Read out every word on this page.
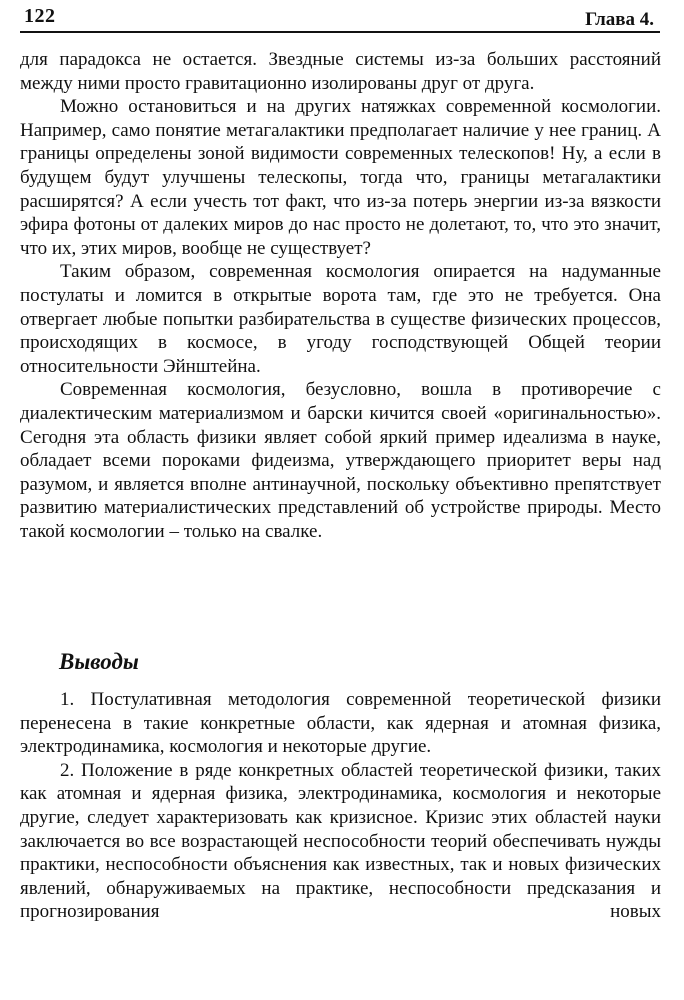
122	Глава 4.

для парадокса не остается. Звездные системы из-за больших расстояний между ними просто гравитационно изолированы друг от друга.

Можно остановиться и на других натяжках современной космологии. Например, само понятие метагалактики предполагает наличие у нее границ. А границы определены зоной видимости современных телескопов! Ну, а если в будущем будут улучшены телескопы, тогда что, границы метагалактики расширятся? А если учесть тот факт, что из-за потерь энергии из-за вязкости эфира фотоны от далеких миров до нас просто не долетают, то, что это значит, что их, этих миров, вообще не существует?

Таким образом, современная космология опирается на надуманные постулаты и ломится в открытые ворота там, где это не требуется. Она отвергает любые попытки разбирательства в существе физических процессов, происходящих в космосе, в угоду господствующей Общей теории относительности Эйнштейна.

Современная космология, безусловно, вошла в противоречие с диалектическим материализмом и барски кичится своей «оригинальностью». Сегодня эта область физики являет собой яркий пример идеализма в науке, обладает всеми пороками фидеизма, утверждающего приоритет веры над разумом, и является вполне антинаучной, поскольку объективно препятствует развитию материалистических представлений об устройстве природы. Место такой космологии – только на свалке.

Выводы

1. Постулативная методология современной теоретической физики перенесена в такие конкретные области, как ядерная и атомная физика, электродинамика, космология и некоторые другие.

2. Положение в ряде конкретных областей теоретической физики, таких как атомная и ядерная физика, электродинамика, космология и некоторые другие, следует характеризовать как кризисное. Кризис этих областей науки заключается во все возрастающей неспособности теорий обеспечивать нужды практики, неспособности объяснения как известных, так и новых физических явлений, обнаруживаемых на практике, неспособности предсказания и прогнозирования новых
